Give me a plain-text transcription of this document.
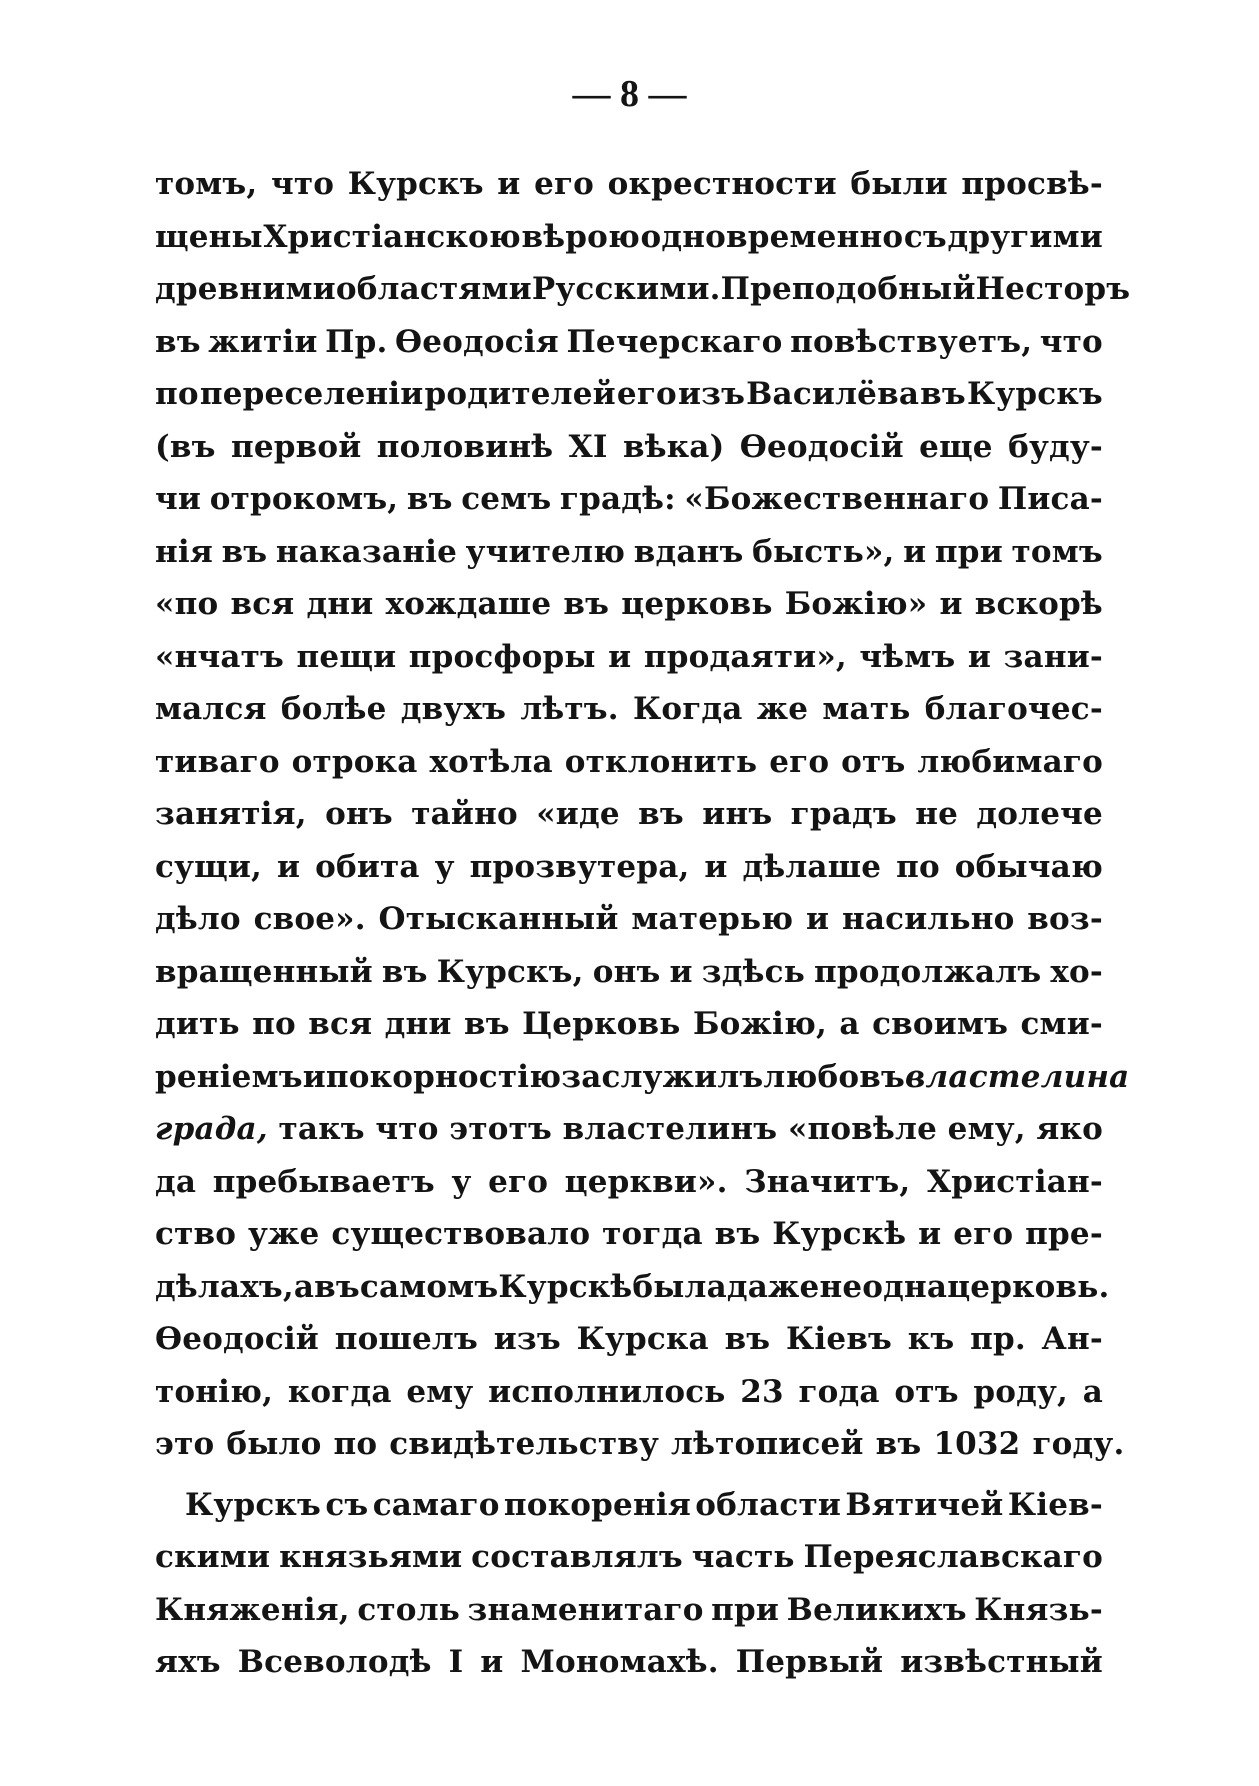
— 8 —
томъ, что Курскъ и его окрестности были просвѣ-
щены Христіанскою вѣрою одновременно съ другими
древними областями Русскими. Преподобный Несторъ
въ житіи Пр. Ѳеодосія Печерскаго повѣствуетъ, что
по переселеніи родителей его изъ Василёва въ Курскъ
(въ первой половинѣ XI вѣка) Ѳеодосій еще буду-
чи отрокомъ, въ семъ градѣ: «Божественнаго Писа-
нія въ наказаніе учителю вданъ бысть», и при томъ
«по вся дни хождаше въ церковь Божію» и вскорѣ
«нчатъ пещи просфоры и продаяти», чѣмъ и зани-
мался болѣе двухъ лѣтъ. Когда же мать благочес-
тиваго отрока хотѣла отклонить его отъ любимаго
занятія, онъ тайно «иде въ инъ градъ не долече
сущи, и обита у прозвутера, и дѣлаше по обычаю
дѣло свое». Отысканный матерью и насильно воз-
вращенный въ Курскъ, онъ и здѣсь продолжалъ хо-
дить по вся дни въ Церковь Божію, а своимъ сми-
реніемъ и покорностію заслужилъ любовъ властелина
града, такъ что этотъ властелинъ «повѣле ему, яко
да пребываетъ у его церкви». Значитъ, Христіан-
ство уже существовало тогда въ Курскѣ и его пре-
дѣлахъ, а въ самомъ Курскѣ была даже не одна церковь.
Ѳеодосій пошелъ изъ Курска въ Кіевъ къ пр. Ан-
тонію, когда ему исполнилось 23 года отъ роду, а
это было по свидѣтельству лѣтописей въ 1032 году.
Курскъ съ самаго покоренія области Вятичей Кіев-
скими князьями составлялъ часть Переяславскаго
Княженія, столь знаменитаго при Великихъ Князь-
яхъ Всеволодѣ I и Мономахѣ. Первый извѣстный
